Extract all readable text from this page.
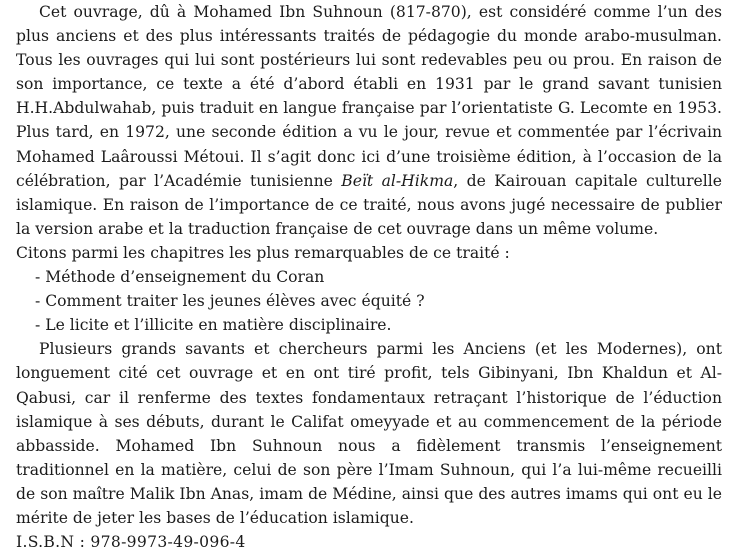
Cet ouvrage, dû à Mohamed Ibn Suhnoun (817-870), est considéré comme l’un des plus anciens et des plus intéressants traités de pédagogie du monde arabo-musulman. Tous les ouvrages qui lui sont postérieurs lui sont redevables peu ou prou. En raison de son importance, ce texte a été d’abord établi en 1931 par le grand savant tunisien H.H.Abdulwahab, puis traduit en langue française par l’orientatiste G. Lecomte en 1953. Plus tard, en 1972, une seconde édition a vu le jour, revue et commentée par l’écrivain Mohamed Laâroussi Métoui. Il s’agit donc ici d’une troisième édition, à l’occasion de la célébration, par l’Académie tunisienne Beït al-Hikma, de Kairouan capitale culturelle islamique. En raison de l’importance de ce traité, nous avons jugé necessaire de publier la version arabe et la traduction française de cet ouvrage dans un même volume.

Citons parmi les chapitres les plus remarquables de ce traité :

- Méthode d’enseignement du Coran

- Comment traiter les jeunes élèves avec équité ?

- Le licite et l’illicite en matière disciplinaire.

Plusieurs grands savants et chercheurs parmi les Anciens (et les Modernes), ont longuement cité cet ouvrage et en ont tiré profit, tels Gibinyani, Ibn Khaldun et Al-Qabusi, car il renferme des textes fondamentaux retraçant l’historique de l’éduction islamique à ses débuts, durant le Califat omeyyade et au commencement de la période abbasside. Mohamed Ibn Suhnoun nous a fidèlement transmis l’enseignement traditionnel en la matière, celui de son père l’Imam Suhnoun, qui l’a lui-même recueilli de son maître Malik Ibn Anas, imam de Médine, ainsi que des autres imams qui ont eu le mérite de jeter les bases de l’éducation islamique.

I.S.B.N : 978-9973-49-096-4
